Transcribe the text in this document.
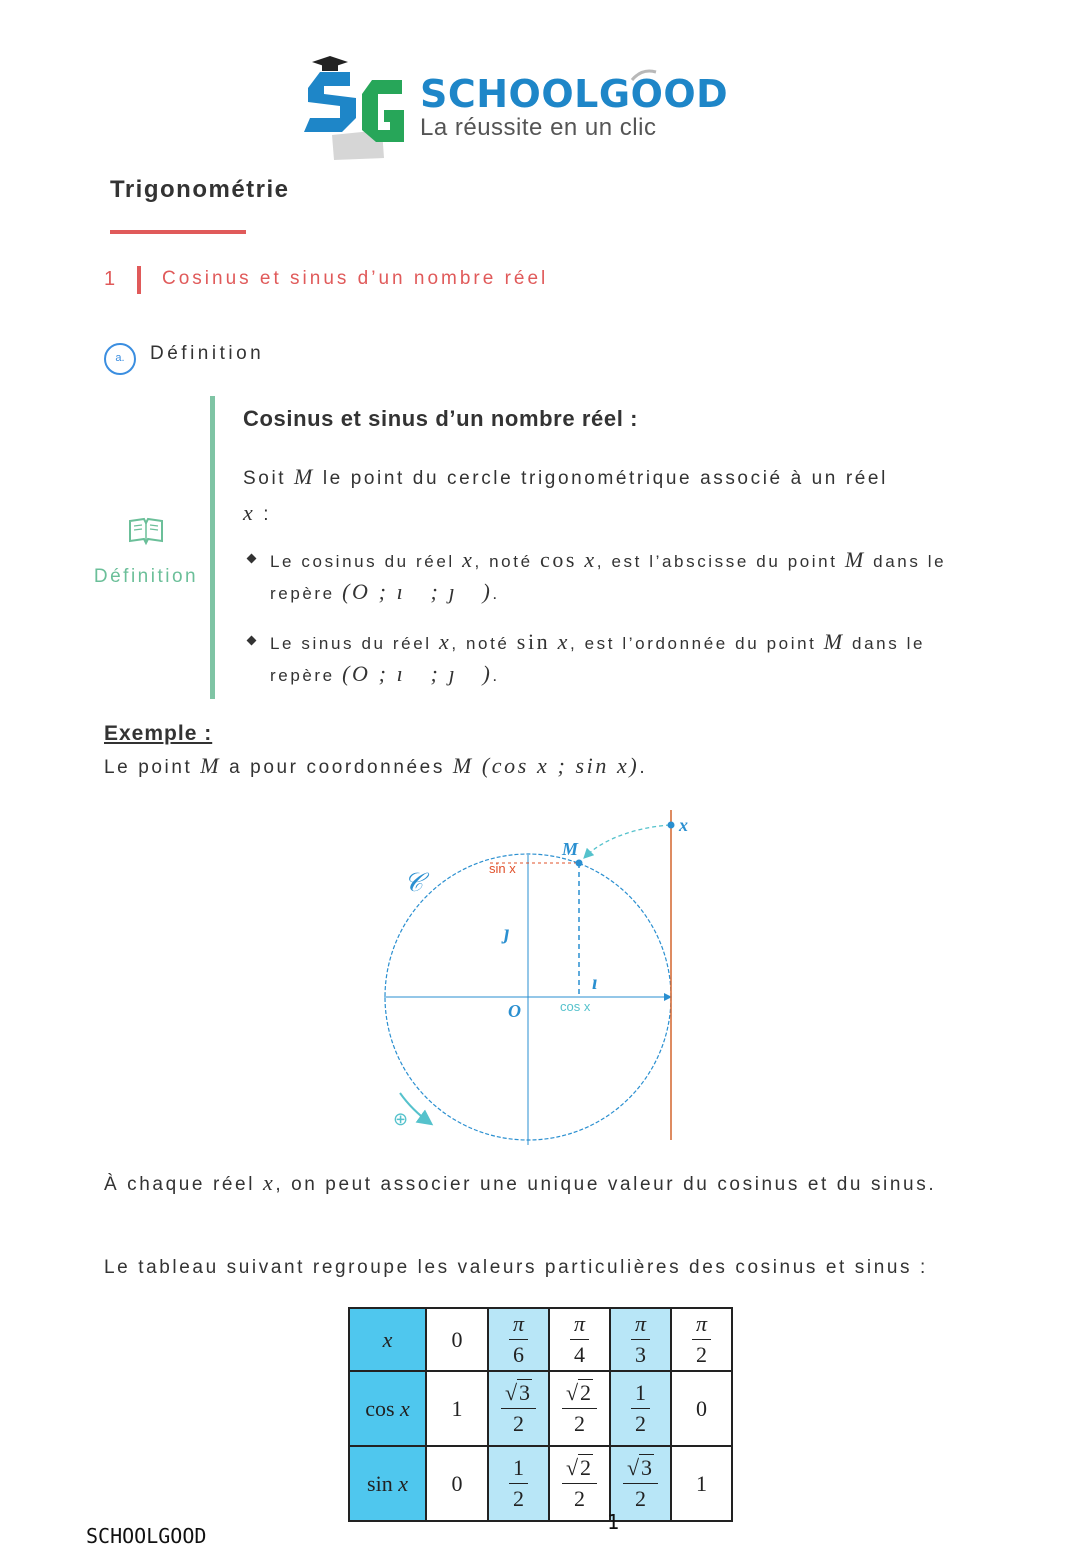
SCHOOLGOOD
La réussite en un clic
Trigonométrie
1 Cosinus et sinus d’un nombre réel
a.	Définition
Définition
Cosinus et sinus d’un nombre réel :
Soit M le point du cercle trigonométrique associé à un réel
x :
Le cosinus du réel x, noté cos x, est l’abscisse du point M dans le repère (O ; ı⃗ ; ȷ⃗ ).
Le sinus du réel x, noté sin x, est l’ordonnée du point M dans le repère (O ; ı⃗ ; ȷ⃗ ).
Exemple :
Le point M a pour coordonnées M (cos x ; sin x).
𝒞
M
x
sin x
cos x
ı⃗
ȷ⃗
O
⊕
À chaque réel x, on peut associer une unique valeur du cosinus et du sinus.
Le tableau suivant regroupe les valeurs particulières des cosinus et sinus :
x	0	$\frac{\pi}{6}$	$\frac{\pi}{4}$	$\frac{\pi}{3}$	$\frac{\pi}{2}$

cos x	1	$\frac{√3}{2}$	$\frac{√2}{2}$	$\frac{1}{2}$	0
sin x	0	$\frac{1}{2}$	$\frac{√2}{2}$	$\frac{√3}{2}$	1
SCHOOLGOOD
1
